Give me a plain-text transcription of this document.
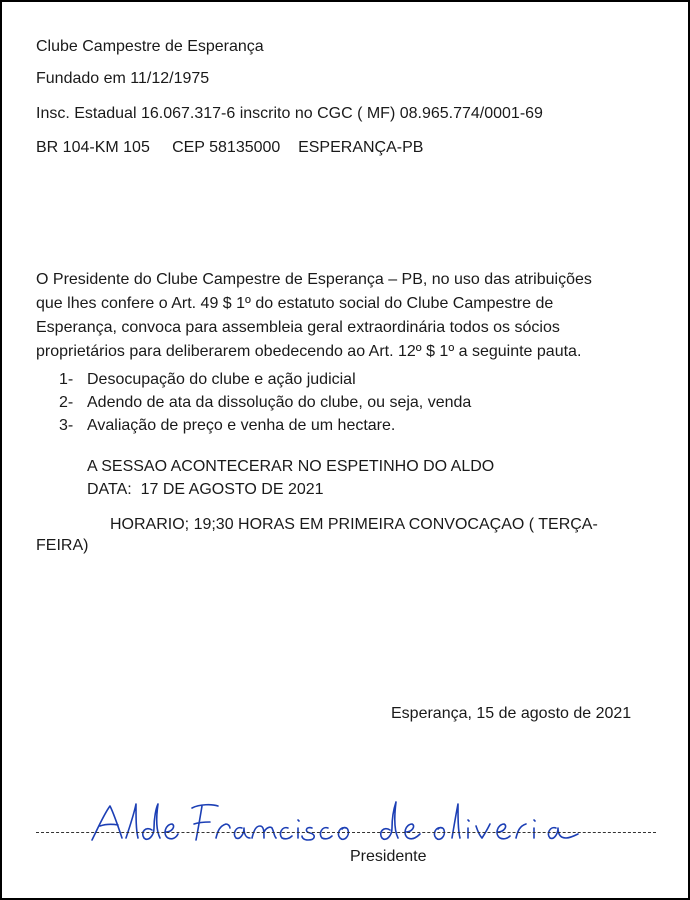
Clube Campestre de Esperança
Fundado em 11/12/1975
Insc. Estadual 16.067.317-6 inscrito no CGC ( MF) 08.965.774/0001-69
BR 104-KM 105     CEP 58135000    ESPERANÇA-PB
O Presidente do Clube Campestre de Esperança – PB, no uso das atribuições
que lhes confere o Art. 49 $ 1º do estatuto social do Clube Campestre de
Esperança, convoca para assembleia geral extraordinária todos os sócios
proprietários para deliberarem obedecendo ao Art. 12º $ 1º a seguinte pauta.
1- Desocupação do clube e ação judicial
2- Adendo de ata da dissolução do clube, ou seja, venda
3- Avaliação de preço e venha de um hectare.
A SESSAO ACONTECERAR NO ESPETINHO DO ALDO
DATA:  17 DE AGOSTO DE 2021
HORARIO; 19;30 HORAS EM PRIMEIRA CONVOCAÇAO ( TERÇA-
FEIRA)
Esperança, 15 de agosto de 2021
Presidente
